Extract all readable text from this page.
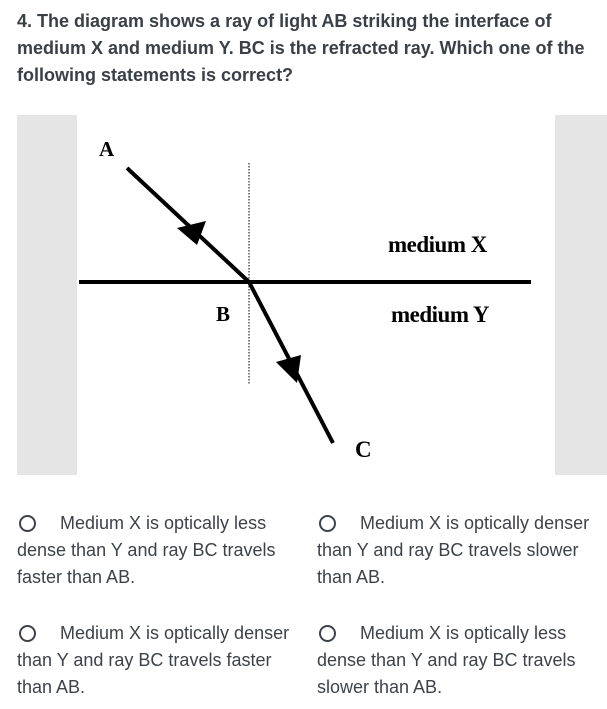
4. The diagram shows a ray of light AB striking the interface of medium X and medium Y. BC is the refracted ray. Which one of the following statements is correct?
A
B
C
medium X
medium Y
Medium X is optically less dense than Y and ray BC travels faster than AB.
Medium X is optically denser than Y and ray BC travels slower than AB.
Medium X is optically denser than Y and ray BC travels faster than AB.
Medium X is optically less dense than Y and ray BC travels slower than AB.
